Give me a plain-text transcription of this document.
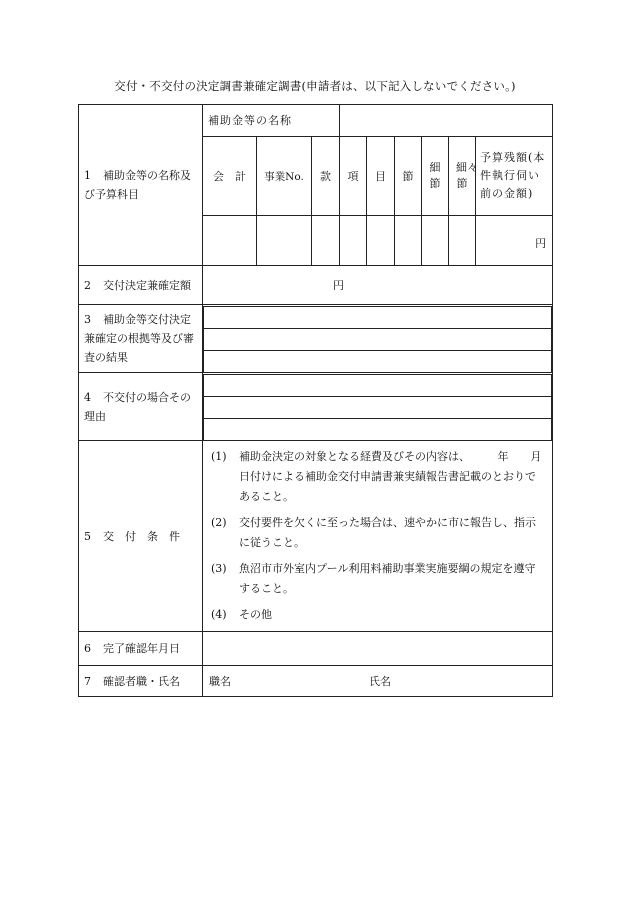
交付・不交付の決定調書兼確定調書(申請者は、以下記入しないでください。)
1 補助金等の名称及び予算科目	補助金等の名称	
会　計	事業No.	款	項	目	節	細節	細々節	予算残額(本件執行伺い前の金額)
								円
2 交付決定兼確定額	円
3 補助金等交付決定兼確定の根拠等及び審査の結果	

4 不交付の場合その理由	

5 交　付　条　件	
(1)	補助金決定の対象となる経費及びその内容は、　　　年　　月　　日付けによる補助金交付申請書兼実績報告書記載のとおりであること。
(2)	交付要件を欠くに至った場合は、速やかに市に報告し、指示に従うこと。
(3)	魚沼市市外室内プール利用料補助事業実施要綱の規定を遵守すること。
(4)	その他

6 完了確認年月日	
7 確認者職・氏名	職名	氏名
